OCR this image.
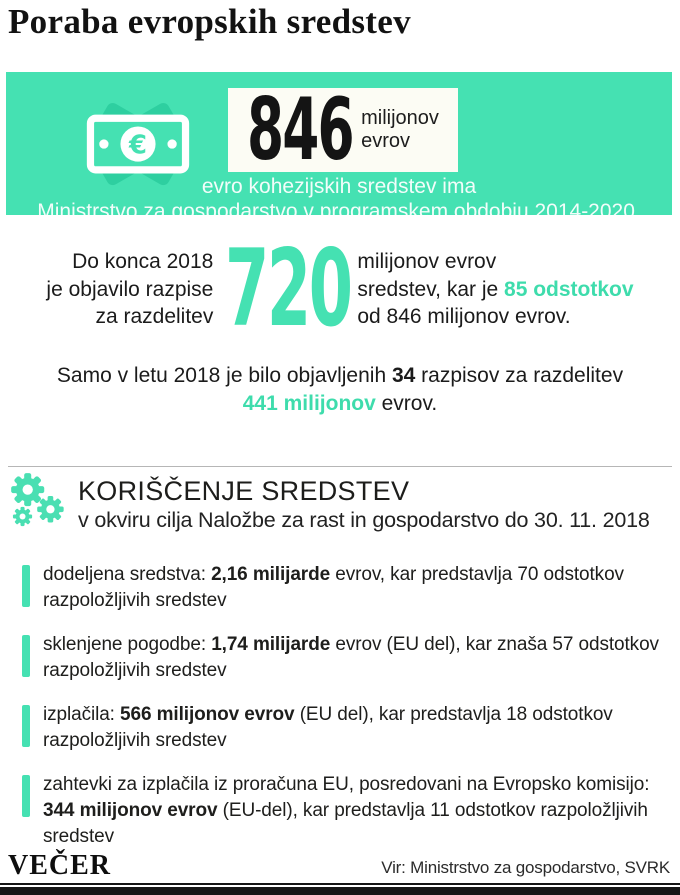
Poraba evropskih sredstev
€ 846 milijonov
evrov
evro kohezijskih sredstev ima
Ministrstvo za gospodarstvo v programskem obdobju 2014-2020.
Do konca 2018
je objavilo razpise
za razdelitev 720 milijonov evrov
sredstev, kar je 85 odstotkov
od 846 milijonov evrov.
Samo v letu 2018 je bilo objavljenih 34 razpisov za razdelitev
441 milijonov evrov.
KORIŠČENJE SREDSTEV
v okviru cilja Naložbe za rast in gospodarstvo do 30. 11. 2018
dodeljena sredstva: 2,16 milijarde evrov, kar predstavlja 70 odstotkov razpoložljivih sredstev
sklenjene pogodbe: 1,74 milijarde evrov (EU del), kar znaša 57 odstotkov razpoložljivih sredstev
izplačila: 566 milijonov evrov (EU del), kar predstavlja 18 odstotkov razpoložljivih sredstev
zahtevki za izplačila iz proračuna EU, posredovani na Evropsko komisijo: 344 milijonov evrov (EU-del), kar predstavlja 11 odstotkov razpoložljivih sredstev
VEČER	Vir: Ministrstvo za gospodarstvo, SVRK
